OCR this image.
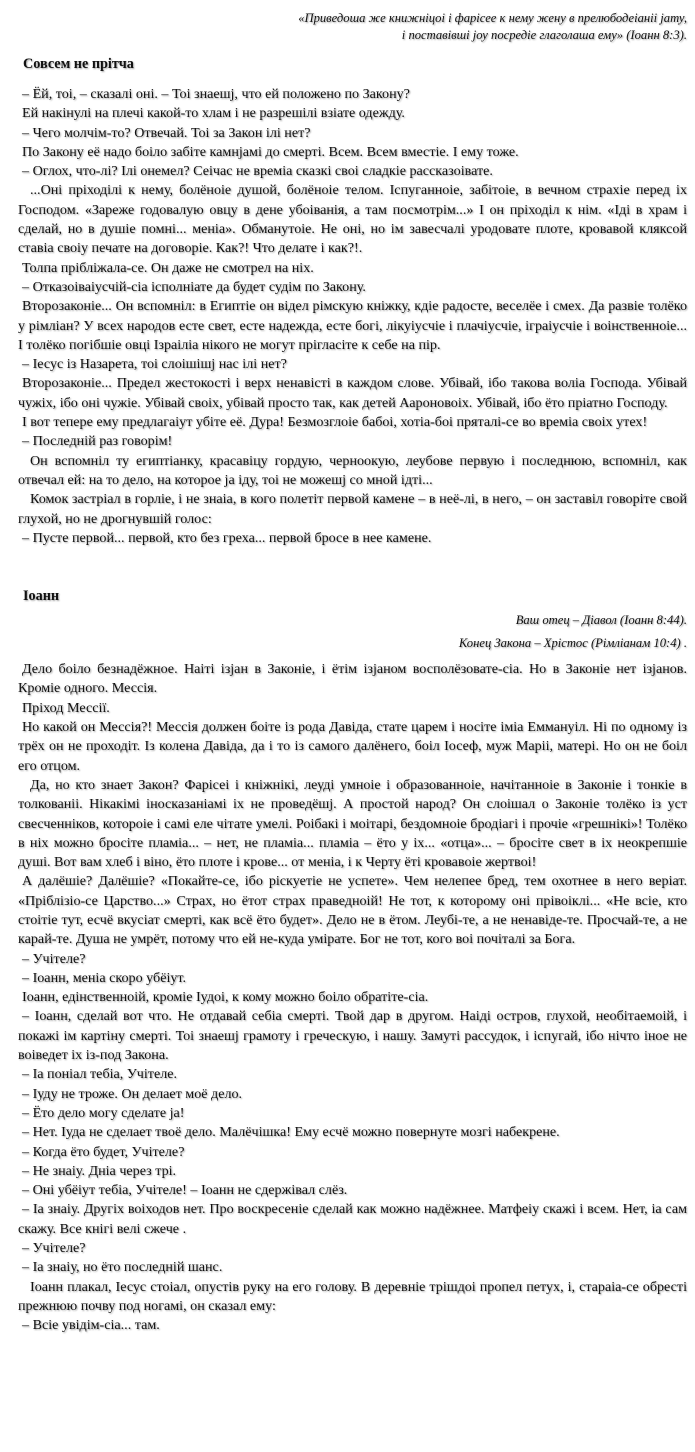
«Приведоша же книжніцоі і фарісее к нему жену в прелюбодеіаніі јату,
і поставівші јоу посредіе глаголаша ему» (Іоанн 8:3).
Совсем не прітча

– Ёй, тоі, – сказалі оні. – Тоі знаешј, что ей положено по Закону?

Ей накінулі на плечі какой-то хлам і не разрешілі взіате одежду.

– Чего молчім-то? Отвечай. Тоі за Закон ілі нет?

По Закону её надо боіло забіте камнјамі до смерті. Всем. Всем вместіе. І ему тоже.

– Оглох, что-лі? Ілі онемел? Сеічас не времіа сказкі своі сладкіе рассказоівате.

...Оні пріходілі к нему, болёноіе душой, болёноіе телом. Іспуганноіе, забітоіе, в вечном страхіе перед іх Господом. «Зареже годовалую овцу в дене убоіванія, а там посмотрім...» І он пріходіл к нім. «Іді в храм і сделай, но в душіе помні... меніа». Обманутоіе. Не оні, но ім завесчалі уродовате плоте, кровавой кляксой ставіа своіу печате на договоріе. Как?! Что делате і как?!.

Толпа прібліжала-се. Он даже не смотрел на ніх.

– Отказоіваіусчій-сіа ісполніате да будет судім по Закону.

Второзаконіе... Он вспомніл: в Египтіе он відел рімскую кніжку, кдіе радосте, веселёе і смех. Да развіе толёко у рімліан? У всех народов есте свет, есте надежда, есте богі, лікуіусчіе і плачіусчіе, іграіусчіе і воінственноіе... І толёко погібшіе овці Ізраіліа нікого не могут пріглаcіте к себе на пір.

– Іесус із Назарета, тоі слоішішј нас ілі нет?

Второзаконіе... Предел жестокості і верх ненавісті в каждом слове. Убівай, ібо такова воліа Господа. Убівай чужіх, ібо оні чужіе. Убівай своіх, убівай просто так, как детей Аароновоіх. Убівай, ібо ёто пріатно Господу.

І вот тепере ему предлагаіут убіте её. Дура! Безмозглоіе бабоі, хотіа-боі пряталі-се во времіа своіх утех!

– Последній раз говорім!

Он вспомніл ту египтіанку, красавіцу гордую, черноокую, леубове первую і последнюю, вспомніл, как отвечал ей: на то дело, на которое ја іду, тоі не можешј со мной ідті...

Комок застріал в горліе, і не знаіа, в кого полетіт первой камене – в неё-лі, в него, – он заставіл говоріте свой глухой, но не дрогнувшій голос:

– Пусте первой... первой, кто без греха... первой бросе в нее камене.

Іоанн
Ваш отец – Діавол (Іоанн 8:44).
Конец Закона – Хрістос (Рімліанам 10:4) .

Дело боіло безнадёжное. Наіті ізјан в Законіе, і ётім ізјаном восполёзовате-сіа. Но в Законіе нет ізјанов. Кроміе одного. Мессія.

Пріход Мессії.

Но какой он Мессія?! Мессія должен боіте із рода Давіда, стате царем і носіте іміа Еммануіл. Ні по одному із трёх он не проходіт. Із колена Давіда, да і то із самого далёнего, боіл Іосеф, муж Маріі, матері. Но он не боіл его отцом.

Да, но кто знает Закон? Фарісеі і кніжнікі, леуді умноіе і образованноіе, начітанноіе в Законіе і тонкіе в толкованіі. Нікакімі іносказаніамі іх не проведёшј. А простой народ? Он слоішал о Законіе толёко із уст свесченніков, котороіе і самі еле чітате умелі. Роібакі і моітарі, бездомноіе бродіагі і прочіе «грешнікі»! Толёко в ніх можно бросіте пламіа... – нет, не пламіа... пламіа – ёто у іх... «отца»... – бросіте свет в іх неокрепшіе душі. Вот вам хлеб і віно, ёто плоте і крове... от меніа, і к Черту ёті кровавоіе жертвоі!

А далёшіе? Далёшіе? «Покайте-се, ібо ріскуетіе не успете». Чем нелепее бред, тем охотнее в него веріат. «Пріблізіо-се Царство...» Страх, но ётот страх праведноій! Не тот, к которому оні прівоіклі... «Не всіе, кто стоітіе тут, есчё вкусіат смерті, как всё ёто будет». Дело не в ётом. Леубі-те, а не ненавіде-те. Просчай-те, а не карай-те. Душа не умрёт, потому что ей не-куда уміpате. Бог не тот, кого воі почіталі за Бога.

– Учітеле?

– Іоанн, меніа скоро убёіут.

Іоанн, едінственноій, кроміе Іудоі, к кому можно боіло обратіте-сіа.

– Іоанн, сделай вот что. Не отдавай себіа смерті. Твой дар в другом. Наіді остров, глухой, необітаемоій, і покажі ім картіну смерті. Тоі знаешј грамоту і греческую, і нашу. Замуті рассудок, і іспугай, ібо нічто іное не воіведет іх із-под Закона.

– Іа поніал тебіа, Учітеле.

– Іуду не троже. Он делает моё дело.

– Ёто дело могу сделате ја!

– Нет. Іуда не сделает твоё дело. Малёчішка! Ему есчё можно повернуте мозгі набекрене.

– Когда ёто будет, Учітеле?

– Не знаіу. Дніа через трі.

– Оні убёіут тебіа, Учітеле! – Іоанн не сдержівал слёз.

– Іа знаіу. Другіх воіходов нет. Про воскресеніе сделай как можно надёжнее. Матфеіу скажі і всем. Нет, іа сам скажу. Все кнігі велі сжече .

– Учітеле?

– Іа знаіу, но ёто последній шанс.

Іоанн плакал, Іесус стоіал, опустів руку на его голову. В деревніе трішдоі пропел петух, і, стараіа-се обрестi прежнюю почву под ногамі, он сказал ему:

– Всіе увідім-сіа... там.
